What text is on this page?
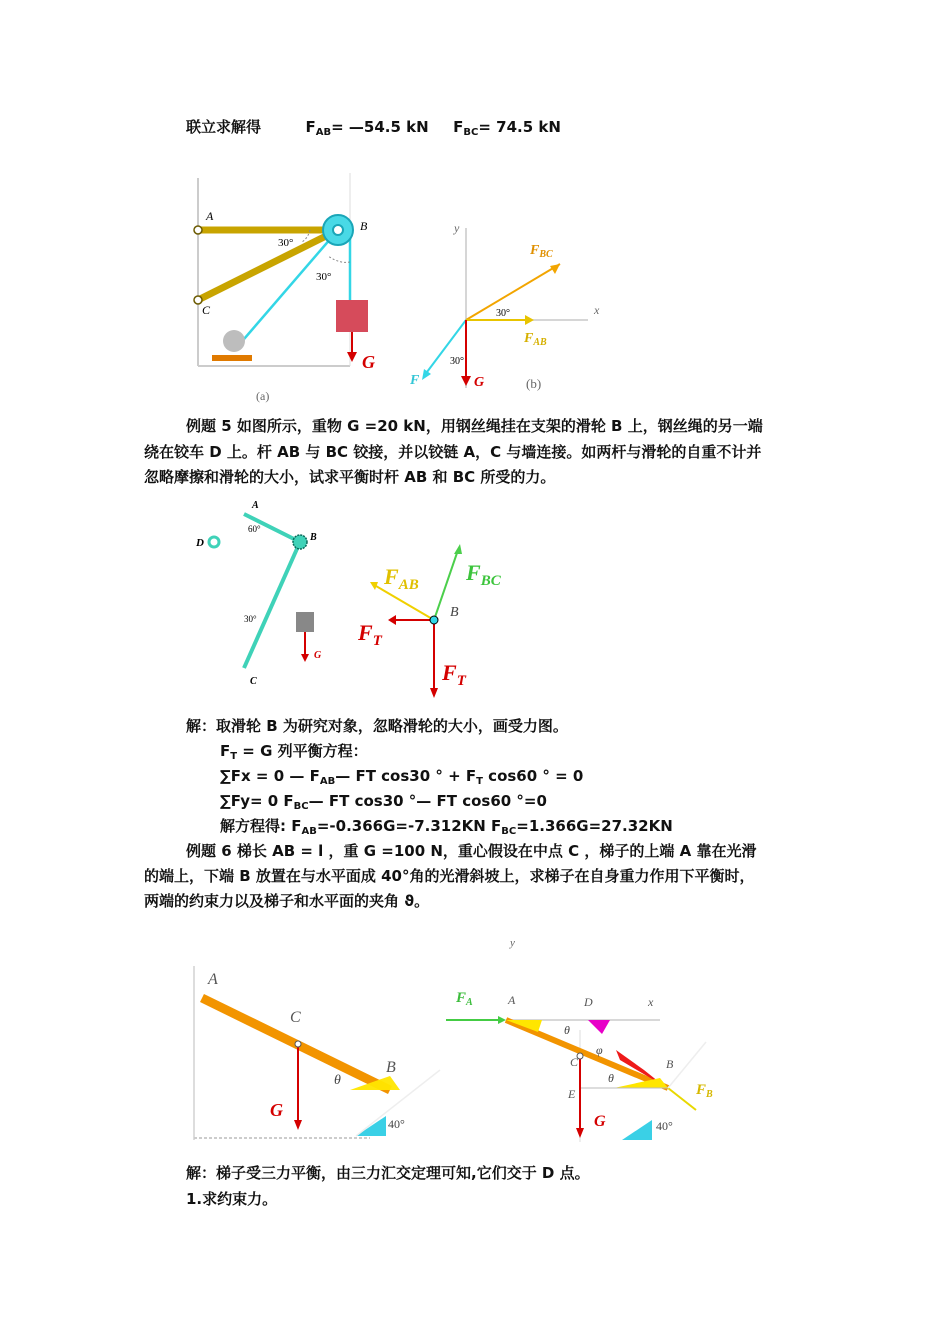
联立求解得	$F_{AB}=$ —54.5 kN $F_{BC}= 74.5$ kN
A
B
C
30°
30°
G
(a)
y
x
$F_{BC}$
$F_{AB}$
F	G
30°
30°
(b)
例题 5 如图所示，重物 G =20 kN，用钢丝绳挂在支架的滑轮 B 上，钢丝绳的另一端
绕在铰车 D 上。杆 AB 与 BC 铰接，并以铰链 A，C 与墙连接。如两杆与滑轮的自重不计并
忽略摩擦和滑轮的大小，试求平衡时杆 AB 和 BC 所受的力。
A
B
C
D
60°
30°
G
$F_{AB}$ $F_{BC}$
$F_T$
$F_T$
B
解：取滑轮 B 为研究对象，忽略滑轮的大小，画受力图。
$F_T = G$ 列平衡方程：
∑Fx = 0 — $F_{AB}—$ FT cos30 ° + $F_T$ cos60 ° = 0
∑Fy= 0 $F_{BC}—$ FT cos30 °— FT cos60 °=0
解方程得: $F_{AB}=-0.366G=-7.312KN$ $F_{BC}=1.366G=27.32KN$
例题 6 梯长 AB = l ，重 G =100 N，重心假设在中点 C ，梯子的上端 A 靠在光滑
的端上，下端 B 放置在与水平面成 40°角的光滑斜坡上，求梯子在自身重力作用下平衡时，
两端的约束力以及梯子和水平面的夹角 ϑ。
A
C
B
G
θ
40°
y
$F_A$	A	D	x
θ
φ
C	B
θ
E	$F_B$
G	40°
解：梯子受三力平衡，由三力汇交定理可知,它们交于 D 点。
1.求约束力。
